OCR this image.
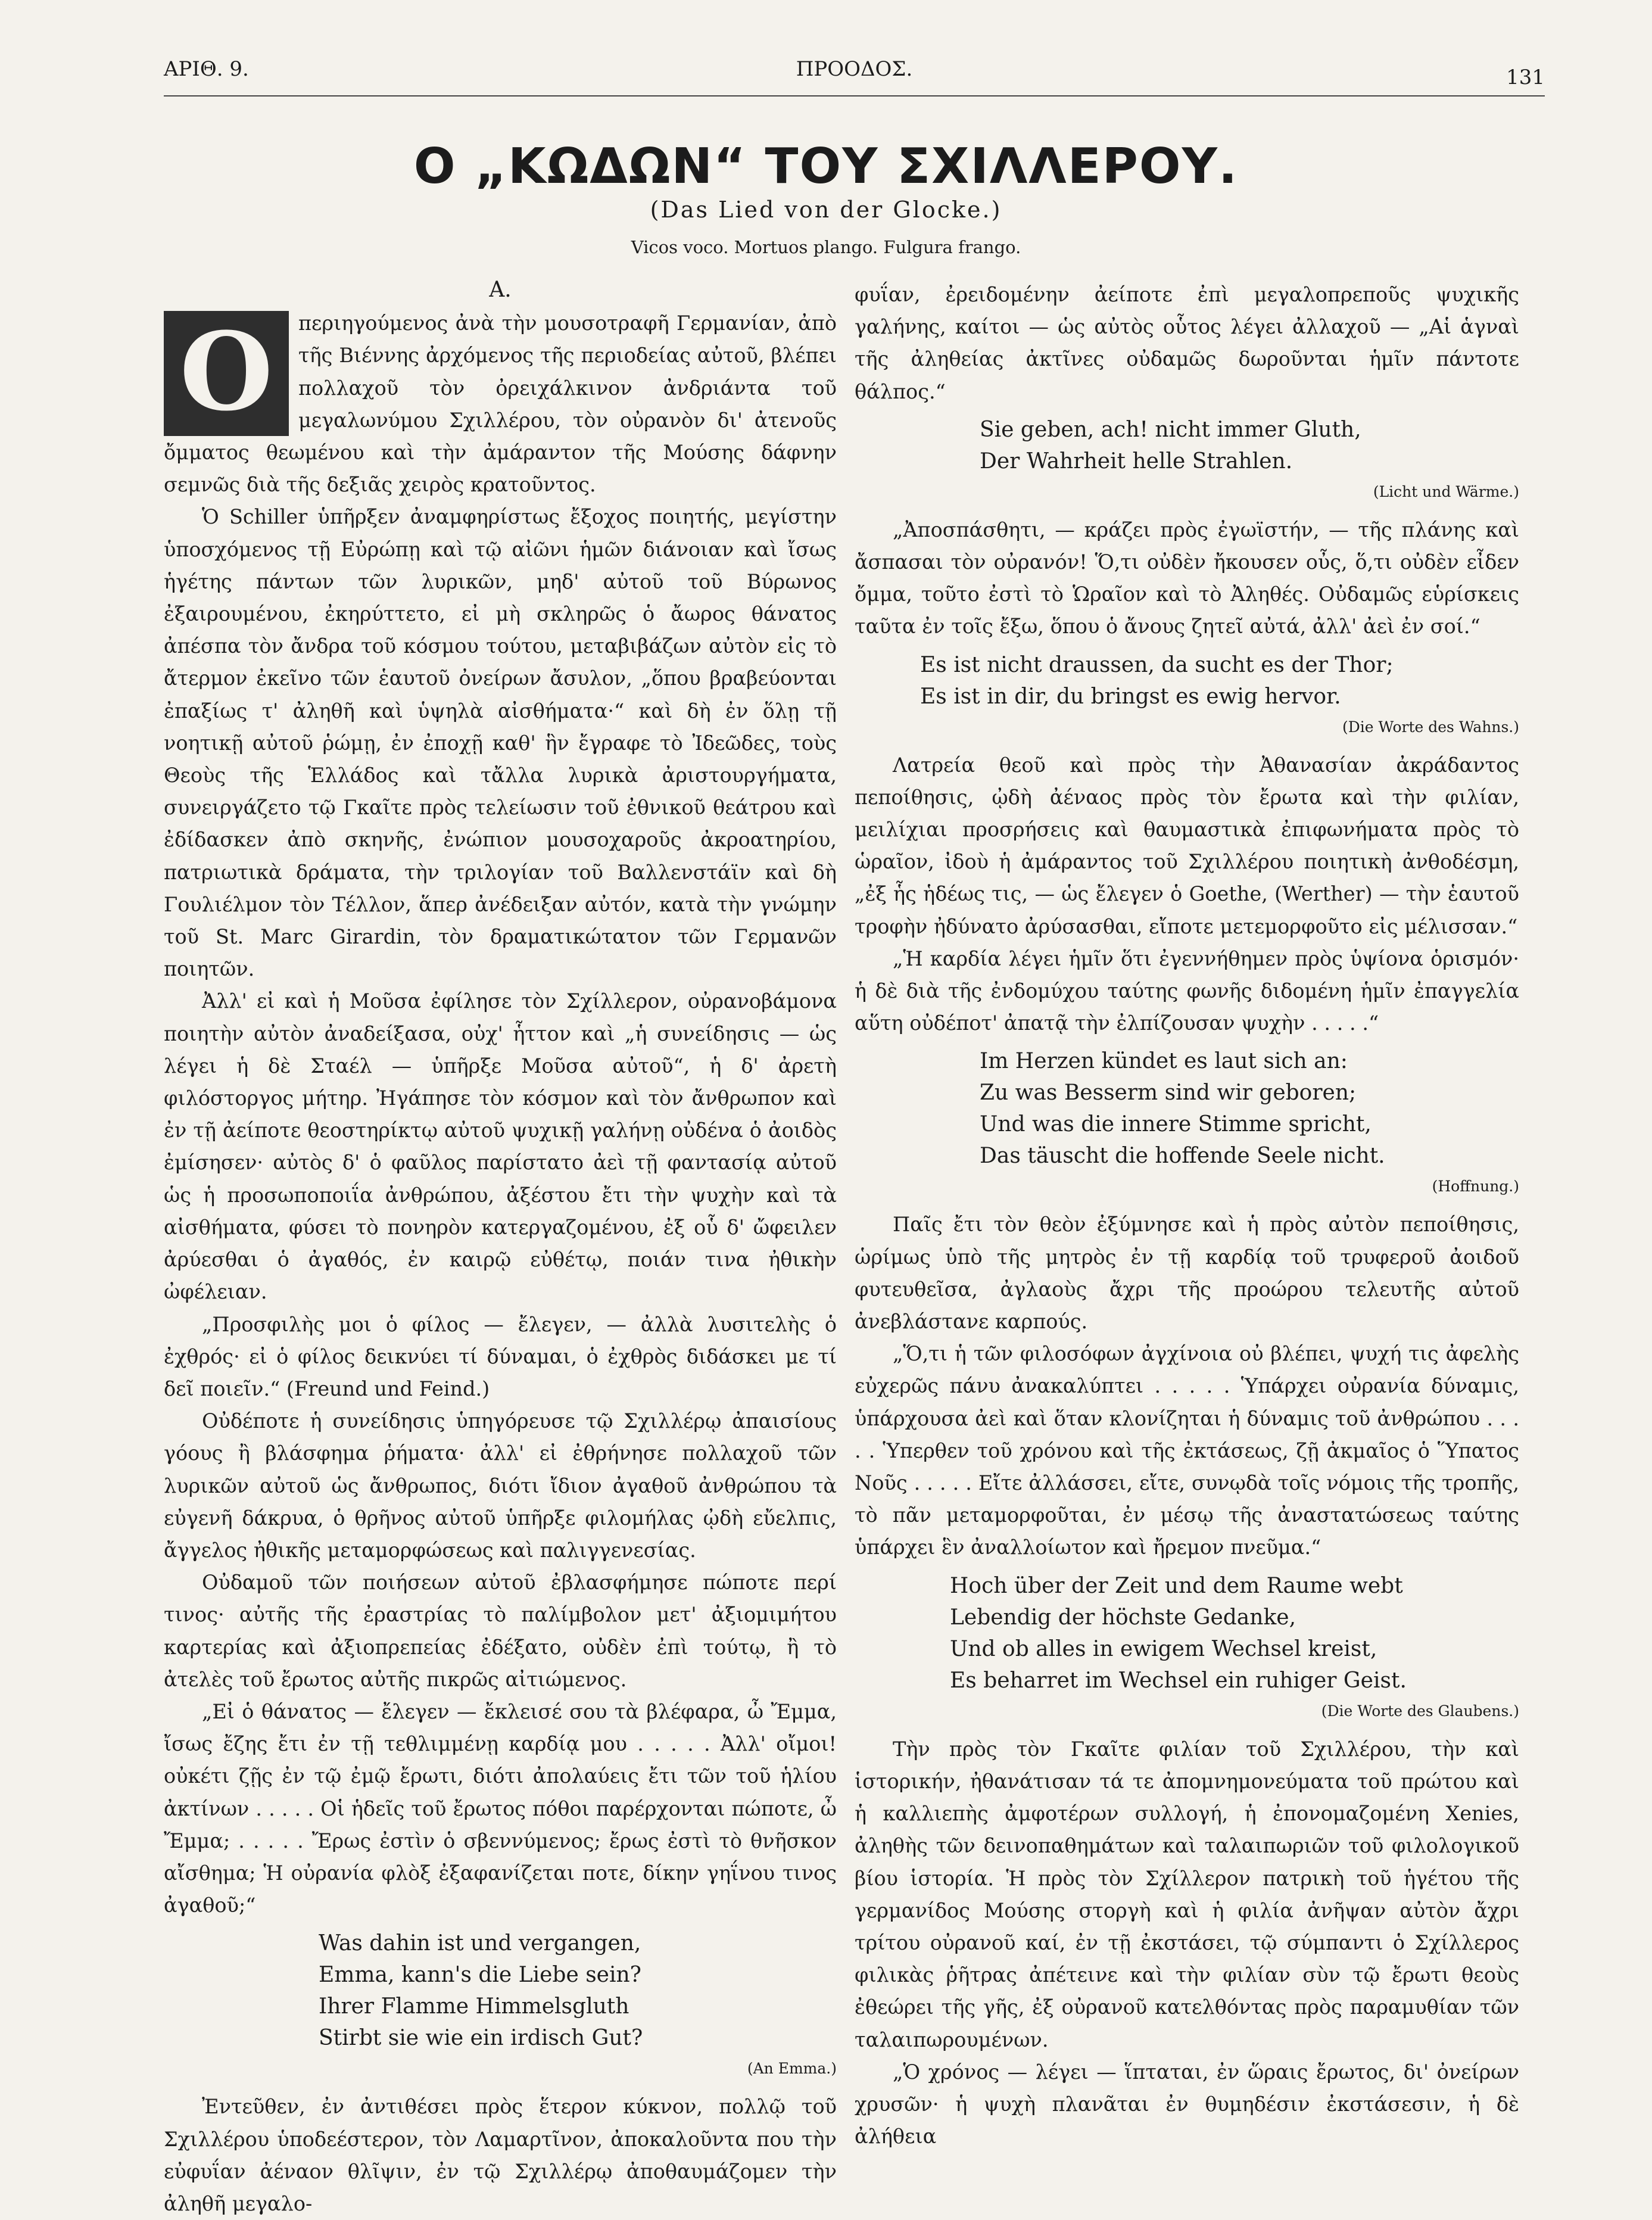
ΑΡΙΘ. 9.	ΠΡΟΟΔΟΣ.	131
Ο „ΚΩΔΩΝ“ ΤΟΥ ΣΧΙΛΛΕΡΟΥ.
(Das Lied von der Glocke.)
Vicos voco. Mortuos plango. Fulgura frango.
Α.

Ο	περιηγούμενος ἀνὰ τὴν μουσοτραφῆ Γερμανίαν, ἀπὸ τῆς Βιέννης ἀρχόμενος τῆς περιοδείας αὐτοῦ, βλέπει πολλαχοῦ τὸν ὀρειχάλκινον ἀνδριάντα τοῦ μεγαλωνύμου Σχιλλέρου, τὸν οὐρανὸν δι' ἀτενοῦς ὄμματος θεωμένου καὶ τὴν ἀμάραντον τῆς Μούσης δάφνην σεμνῶς διὰ τῆς δεξιᾶς χειρὸς κρατοῦντος.

Ὁ Schiller ὑπῆρξεν ἀναμφηρίστως ἔξοχος ποιητής, μεγίστην ὑποσχόμενος τῇ Εὐρώπῃ καὶ τῷ αἰῶνι ἡμῶν διάνοιαν καὶ ἴσως ἡγέτης πάντων τῶν λυρικῶν, μηδ' αὐτοῦ τοῦ Βύρωνος ἐξαιρουμένου, ἐκηρύττετο, εἰ μὴ σκληρῶς ὁ ἄωρος θάνατος ἀπέσπα τὸν ἄνδρα τοῦ κόσμου τούτου, μεταβιβάζων αὐτὸν εἰς τὸ ἄτερμον ἐκεῖνο τῶν ἑαυτοῦ ὀνείρων ἄσυλον, „ὅπου βραβεύονται ἐπαξίως τ' ἀληθῆ καὶ ὑψηλὰ αἰσθήματα·“ καὶ δὴ ἐν ὅλῃ τῇ νοητικῇ αὐτοῦ ῥώμῃ, ἐν ἐποχῇ καθ' ἣν ἔγραφε τὸ Ἰδεῶδες, τοὺς Θεοὺς τῆς Ἑλλάδος καὶ τἄλλα λυρικὰ ἀριστουργήματα, συνειργάζετο τῷ Γκαῖτε πρὸς τελείωσιν τοῦ ἐθνικοῦ θεάτρου καὶ ἐδίδασκεν ἀπὸ σκηνῆς, ἐνώπιον μουσοχαροῦς ἀκροατηρίου, πατριωτικὰ δράματα, τὴν τριλογίαν τοῦ Βαλλενστάϊν καὶ δὴ Γουλιέλμον τὸν Τέλλον, ἅπερ ἀνέδειξαν αὐτόν, κατὰ τὴν γνώμην τοῦ St. Marc Girardin, τὸν δραματικώτατον τῶν Γερμανῶν ποιητῶν.

Ἀλλ' εἰ καὶ ἡ Μοῦσα ἐφίλησε τὸν Σχίλλερον, οὐρανοβάμονα ποιητὴν αὐτὸν ἀναδείξασα, οὐχ' ἧττον καὶ „ἡ συνείδησις — ὡς λέγει ἡ δὲ Σταέλ — ὑπῆρξε Μοῦσα αὐτοῦ“, ἡ δ' ἀρετὴ φιλόστοργος μήτηρ. Ἠγάπησε τὸν κόσμον καὶ τὸν ἄνθρωπον καὶ ἐν τῇ ἀείποτε θεοστηρίκτῳ αὐτοῦ ψυχικῇ γαλήνῃ οὐδένα ὁ ἀοιδὸς ἐμίσησεν· αὐτὸς δ' ὁ φαῦλος παρίστατο ἀεὶ τῇ φαντασίᾳ αὐτοῦ ὡς ἡ προσωποποιΐα ἀνθρώπου, ἀξέστου ἔτι τὴν ψυχὴν καὶ τὰ αἰσθήματα, φύσει τὸ πονηρὸν κατεργαζομένου, ἐξ οὗ δ' ὤφειλεν ἀρύεσθαι ὁ ἀγαθός, ἐν καιρῷ εὐθέτῳ, ποιάν τινα ἠθικὴν ὠφέλειαν.

„Προσφιλὴς μοι ὁ φίλος — ἔλεγεν, — ἀλλὰ λυσιτελὴς ὁ ἐχθρός· εἰ ὁ φίλος δεικνύει τί δύναμαι, ὁ ἐχθρὸς διδάσκει με τί δεῖ ποιεῖν.“ (Freund und Feind.)

Οὐδέποτε ἡ συνείδησις ὑπηγόρευσε τῷ Σχιλλέρῳ ἀπαισίους γόους ἢ βλάσφημα ῥήματα· ἀλλ' εἰ ἐθρήνησε πολλαχοῦ τῶν λυρικῶν αὐτοῦ ὡς ἄνθρωπος, διότι ἴδιον ἀγαθοῦ ἀνθρώπου τὰ εὐγενῆ δάκρυα, ὁ θρῆνος αὐτοῦ ὑπῆρξε φιλομήλας ᾠδὴ εὔελπις, ἄγγελος ἠθικῆς μεταμορφώσεως καὶ παλιγγενεσίας.

Οὐδαμοῦ τῶν ποιήσεων αὐτοῦ ἐβλασφήμησε πώποτε περί τινος· αὐτῆς τῆς ἐραστρίας τὸ παλίμβολον μετ' ἀξιομιμήτου καρτερίας καὶ ἀξιοπρεπείας ἐδέξατο, οὐδὲν ἐπὶ τούτῳ, ἢ τὸ ἀτελὲς τοῦ ἔρωτος αὐτῆς πικρῶς αἰτιώμενος.

„Εἰ ὁ θάνατος — ἔλεγεν — ἔκλεισέ σου τὰ βλέφαρα, ὦ Ἔμμα, ἴσως ἔζης ἔτι ἐν τῇ τεθλιμμένῃ καρδίᾳ μου . . . . . Ἀλλ' οἴμοι! οὐκέτι ζῇς ἐν τῷ ἐμῷ ἔρωτι, διότι ἀπολαύεις ἔτι τῶν τοῦ ἡλίου ἀκτίνων . . . . . Οἱ ἡδεῖς τοῦ ἔρωτος πόθοι παρέρχονται πώποτε, ὦ Ἔμμα; . . . . . Ἔρως ἐστὶν ὁ σβεννύμενος; ἔρως ἐστὶ τὸ θνῆσκον αἴσθημα; Ἡ οὐρανία φλὸξ ἐξαφανίζεται ποτε, δίκην γηΐνου τινος ἀγαθοῦ;“

Was dahin ist und vergangen,
Emma, kann's die Liebe sein?
Ihrer Flamme Himmelsgluth
Stirbt sie wie ein irdisch Gut?
(An Emma.)

Ἐντεῦθεν, ἐν ἀντιθέσει πρὸς ἕτερον κύκνον, πολλῷ τοῦ Σχιλλέρου ὑποδεέστερον, τὸν Λαμαρτῖνον, ἀποκαλοῦντα που τὴν εὐφυΐαν ἀέναον θλῖψιν, ἐν τῷ Σχιλλέρῳ ἀποθαυμάζομεν τὴν ἀληθῆ μεγαλο-

φυΐαν, ἐρειδομένην ἀείποτε ἐπὶ μεγαλοπρεποῦς ψυχικῆς γαλήνης, καίτοι — ὡς αὐτὸς οὗτος λέγει ἀλλαχοῦ — „Αἱ ἁγναὶ τῆς ἀληθείας ἀκτῖνες οὐδαμῶς δωροῦνται ἡμῖν πάντοτε θάλπος.“

Sie geben, ach! nicht immer Gluth,
Der Wahrheit helle Strahlen.
(Licht und Wärme.)

„Ἀποσπάσθητι, — κράζει πρὸς ἐγωϊστήν, — τῆς πλάνης καὶ ἄσπασαι τὸν οὐρανόν! Ὅ,τι οὐδὲν ἤκουσεν οὖς, ὅ,τι οὐδὲν εἶδεν ὄμμα, τοῦτο ἐστὶ τὸ Ὡραῖον καὶ τὸ Ἀληθές. Οὐδαμῶς εὑρίσκεις ταῦτα ἐν τοῖς ἔξω, ὅπου ὁ ἄνους ζητεῖ αὐτά, ἀλλ' ἀεὶ ἐν σοί.“

Es ist nicht draussen, da sucht es der Thor;
Es ist in dir, du bringst es ewig hervor.
(Die Worte des Wahns.)

Λατρεία θεοῦ καὶ πρὸς τὴν Ἀθανασίαν ἀκράδαντος πεποίθησις, ᾠδὴ ἀέναος πρὸς τὸν ἔρωτα καὶ τὴν φιλίαν, μειλίχιαι προσρήσεις καὶ θαυμαστικὰ ἐπιφωνήματα πρὸς τὸ ὡραῖον, ἰδοὺ ἡ ἀμάραντος τοῦ Σχιλλέρου ποιητικὴ ἀνθοδέσμη, „ἐξ ἧς ἡδέως τις, — ὡς ἔλεγεν ὁ Goethe, (Werther) — τὴν ἑαυτοῦ τροφὴν ἠδύνατο ἀρύσασθαι, εἴποτε μετεμορφοῦτο εἰς μέλισσαν.“

„Ἡ καρδία λέγει ἡμῖν ὅτι ἐγεννήθημεν πρὸς ὑψίονα ὁρισμόν· ἡ δὲ διὰ τῆς ἐνδομύχου ταύτης φωνῆς διδομένη ἡμῖν ἐπαγγελία αὕτη οὐδέποτ' ἀπατᾷ τὴν ἐλπίζουσαν ψυχὴν . . . . .“

Im Herzen kündet es laut sich an:
Zu was Besserm sind wir geboren;
Und was die innere Stimme spricht,
Das täuscht die hoffende Seele nicht.
(Hoffnung.)

Παῖς ἔτι τὸν θεὸν ἐξύμνησε καὶ ἡ πρὸς αὐτὸν πεποίθησις, ὡρίμως ὑπὸ τῆς μητρὸς ἐν τῇ καρδίᾳ τοῦ τρυφεροῦ ἀοιδοῦ φυτευθεῖσα, ἀγλαοὺς ἄχρι τῆς προώρου τελευτῆς αὐτοῦ ἀνεβλάστανε καρπούς.

„Ὅ,τι ἡ τῶν φιλοσόφων ἀγχίνοια οὐ βλέπει, ψυχή τις ἀφελὴς εὐχερῶς πάνυ ἀνακαλύπτει . . . . . Ὑπάρχει οὐρανία δύναμις, ὑπάρχουσα ἀεὶ καὶ ὅταν κλονίζηται ἡ δύναμις τοῦ ἀνθρώπου . . . . . Ὑπερθεν τοῦ χρόνου καὶ τῆς ἐκτάσεως, ζῇ ἀκμαῖος ὁ Ὕπατος Νοῦς . . . . . Εἴτε ἀλλάσσει, εἴτε, συνῳδὰ τοῖς νόμοις τῆς τροπῆς, τὸ πᾶν μεταμορφοῦται, ἐν μέσῳ τῆς ἀναστατώσεως ταύτης ὑπάρχει ἓν ἀναλλοίωτον καὶ ἤρεμον πνεῦμα.“

Hoch über der Zeit und dem Raume webt
Lebendig der höchste Gedanke,
Und ob alles in ewigem Wechsel kreist,
Es beharret im Wechsel ein ruhiger Geist.
(Die Worte des Glaubens.)

Τὴν πρὸς τὸν Γκαῖτε φιλίαν τοῦ Σχιλλέρου, τὴν καὶ ἱστορικήν, ἠθανάτισαν τά τε ἀπομνημονεύματα τοῦ πρώτου καὶ ἡ καλλιεπὴς ἀμφοτέρων συλλογή, ἡ ἐπονομαζομένη Xenies, ἀληθὴς τῶν δεινοπαθημάτων καὶ ταλαιπωριῶν τοῦ φιλολογικοῦ βίου ἱστορία. Ἡ πρὸς τὸν Σχίλλερον πατρικὴ τοῦ ἡγέτου τῆς γερμανίδος Μούσης στοργὴ καὶ ἡ φιλία ἀνῆψαν αὐτὸν ἄχρι τρίτου οὐρανοῦ καί, ἐν τῇ ἐκστάσει, τῷ σύμπαντι ὁ Σχίλλερος φιλικὰς ῥῆτρας ἀπέτεινε καὶ τὴν φιλίαν σὺν τῷ ἔρωτι θεοὺς ἐθεώρει τῆς γῆς, ἐξ οὐρανοῦ κατελθόντας πρὸς παραμυθίαν τῶν ταλαιπωρουμένων.

„Ὁ χρόνος — λέγει — ἵπταται, ἐν ὥραις ἔρωτος, δι' ὀνείρων χρυσῶν· ἡ ψυχὴ πλανᾶται ἐν θυμηδέσιν ἐκστάσεσιν, ἡ δὲ ἀλήθεια
